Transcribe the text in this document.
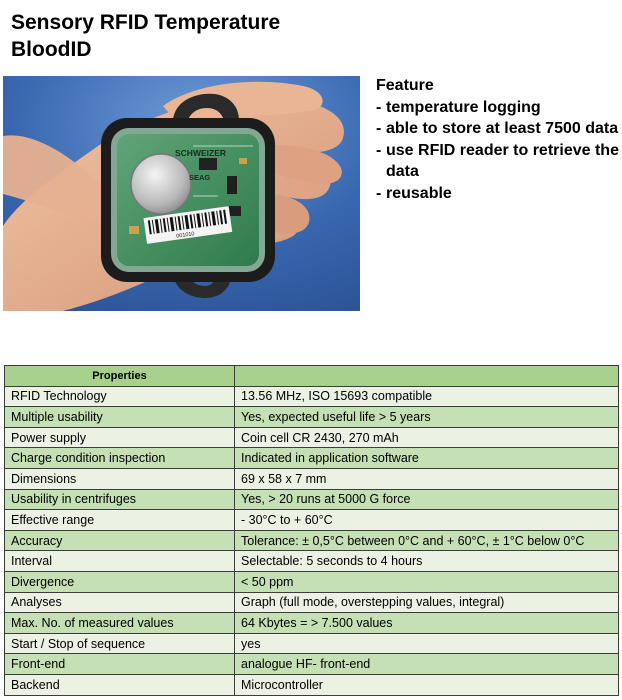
Sensory RFID Temperature
BloodID
SCHWEIZER
SEAG
001010
Feature
- temperature logging
- able to store at least 7500 data
- use RFID reader to retrieve the data
- reusable
Properties	
RFID Technology	13.56 MHz, ISO 15693 compatible
Multiple usability	Yes, expected useful life > 5 years
Power supply	Coin cell CR 2430, 270 mAh
Charge condition inspection	Indicated in application software
Dimensions	69 x 58 x 7 mm
Usability in centrifuges	Yes, > 20 runs at 5000 G force
Effective range	- 30°C to + 60°C
Accuracy	Tolerance: ± 0,5°C between 0°C and + 60°C, ± 1°C below 0°C
Interval	Selectable: 5 seconds to 4 hours
Divergence	< 50 ppm
Analyses	Graph (full mode, overstepping values, integral)
Max. No. of measured values	64 Kbytes = > 7.500 values
Start / Stop of sequence	yes
Front-end	analogue HF- front-end
Backend	Microcontroller
